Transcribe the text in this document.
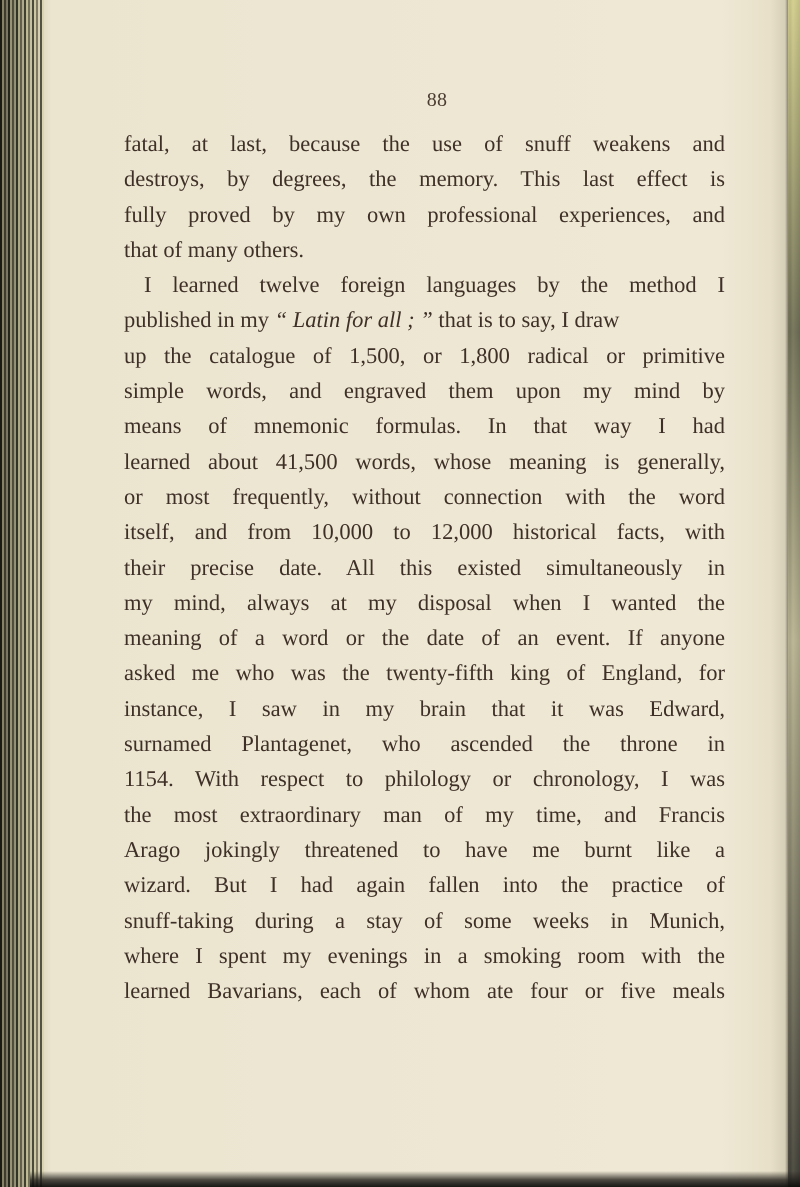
88
fatal, at last, because the use of snuff weakens and
destroys, by degrees, the memory. This last effect is
fully proved by my own professional experiences, and
that of many others.
I learned twelve foreign languages by the method I
published in my “ Latin for all ; ” that is to say, I draw
up the catalogue of 1,500, or 1,800 radical or primitive
simple words, and engraved them upon my mind by
means of mnemonic formulas. In that way I had
learned about 41,500 words, whose meaning is generally,
or most frequently, without connection with the word
itself, and from 10,000 to 12,000 historical facts, with
their precise date. All this existed simultaneously in
my mind, always at my disposal when I wanted the
meaning of a word or the date of an event. If anyone
asked me who was the twenty-fifth king of England, for
instance, I saw in my brain that it was Edward,
surnamed Plantagenet, who ascended the throne in
1154. With respect to philology or chronology, I was
the most extraordinary man of my time, and Francis
Arago jokingly threatened to have me burnt like a
wizard. But I had again fallen into the practice of
snuff-taking during a stay of some weeks in Munich,
where I spent my evenings in a smoking room with the
learned Bavarians, each of whom ate four or five meals
